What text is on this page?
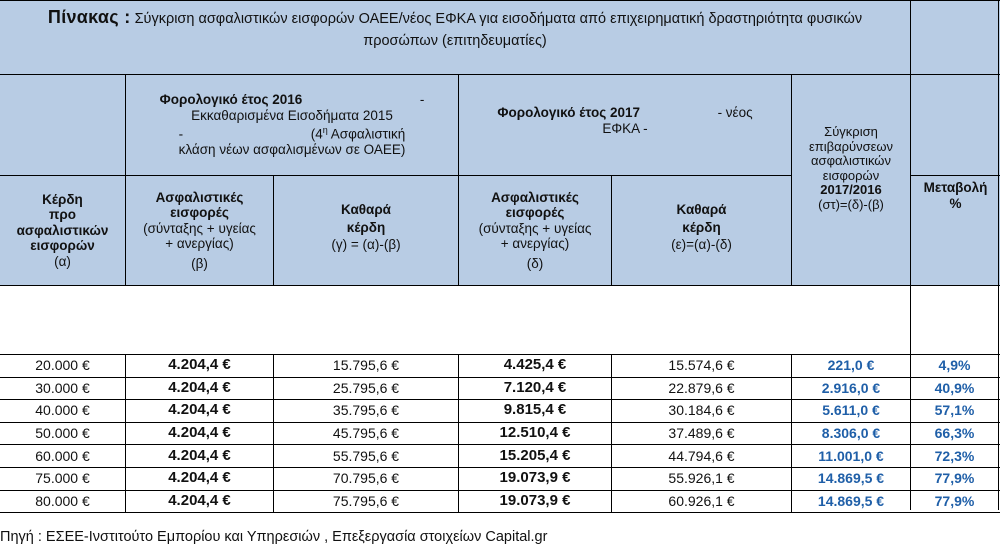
Πίνακας : Σύγκριση ασφαλιστικών εισφορών ΟΑΕΕ/νέος ΕΦΚΑ για εισοδήματα από επιχειρηματική δραστηριότητα φυσικών προσώπων (επιτηδευματίες)
Φορολογικό έτος 2016	-
Εκκαθαρισμένα Εισοδήματα 2015
-	($4^\eta$ Ασφαλιστική
κλάση νέων ασφαλισμένων σε ΟΑΕΕ)
Φορολογικό έτος 2017	- νέος
ΕΦΚΑ -	Σύγκριση
επιβαρύνσεων
ασφαλιστικών
εισφορών
2017/2016
(στ)=(δ)-(β)
Κέρδη
προ
ασφαλιστικών
εισφορών
(α)
Ασφαλιστικές
εισφορές
(σύνταξης + υγείας
+ ανεργίας)
(β)
Καθαρά
κέρδη
(γ) = (α)-(β)
Ασφαλιστικές
εισφορές
(σύνταξης + υγείας
+ ανεργίας)
(δ)
Καθαρά
κέρδη
(ε)=(α)-(δ)
Μεταβολή
%
20.000 €	4.204,4 €	15.795,6 €	4.425,4 €	15.574,6 €	221,0 €	4,9%
30.000 €	4.204,4 €	25.795,6 €	7.120,4 €	22.879,6 €	2.916,0 €	40,9%
40.000 €	4.204,4 €	35.795,6 €	9.815,4 €	30.184,6 €	5.611,0 €	57,1%
50.000 €	4.204,4 €	45.795,6 €	12.510,4 €	37.489,6 €	8.306,0 €	66,3%
60.000 €	4.204,4 €	55.795,6 €	15.205,4 €	44.794,6 €	11.001,0 €	72,3%
75.000 €	4.204,4 €	70.795,6 €	19.073,9 €	55.926,1 €	14.869,5 €	77,9%
80.000 €	4.204,4 €	75.795,6 €	19.073,9 €	60.926,1 €	14.869,5 €	77,9%
Πηγή : ΕΣΕΕ-Ινστιτούτο Εμπορίου και Υπηρεσιών , Επεξεργασία στοιχείων Capital.gr
